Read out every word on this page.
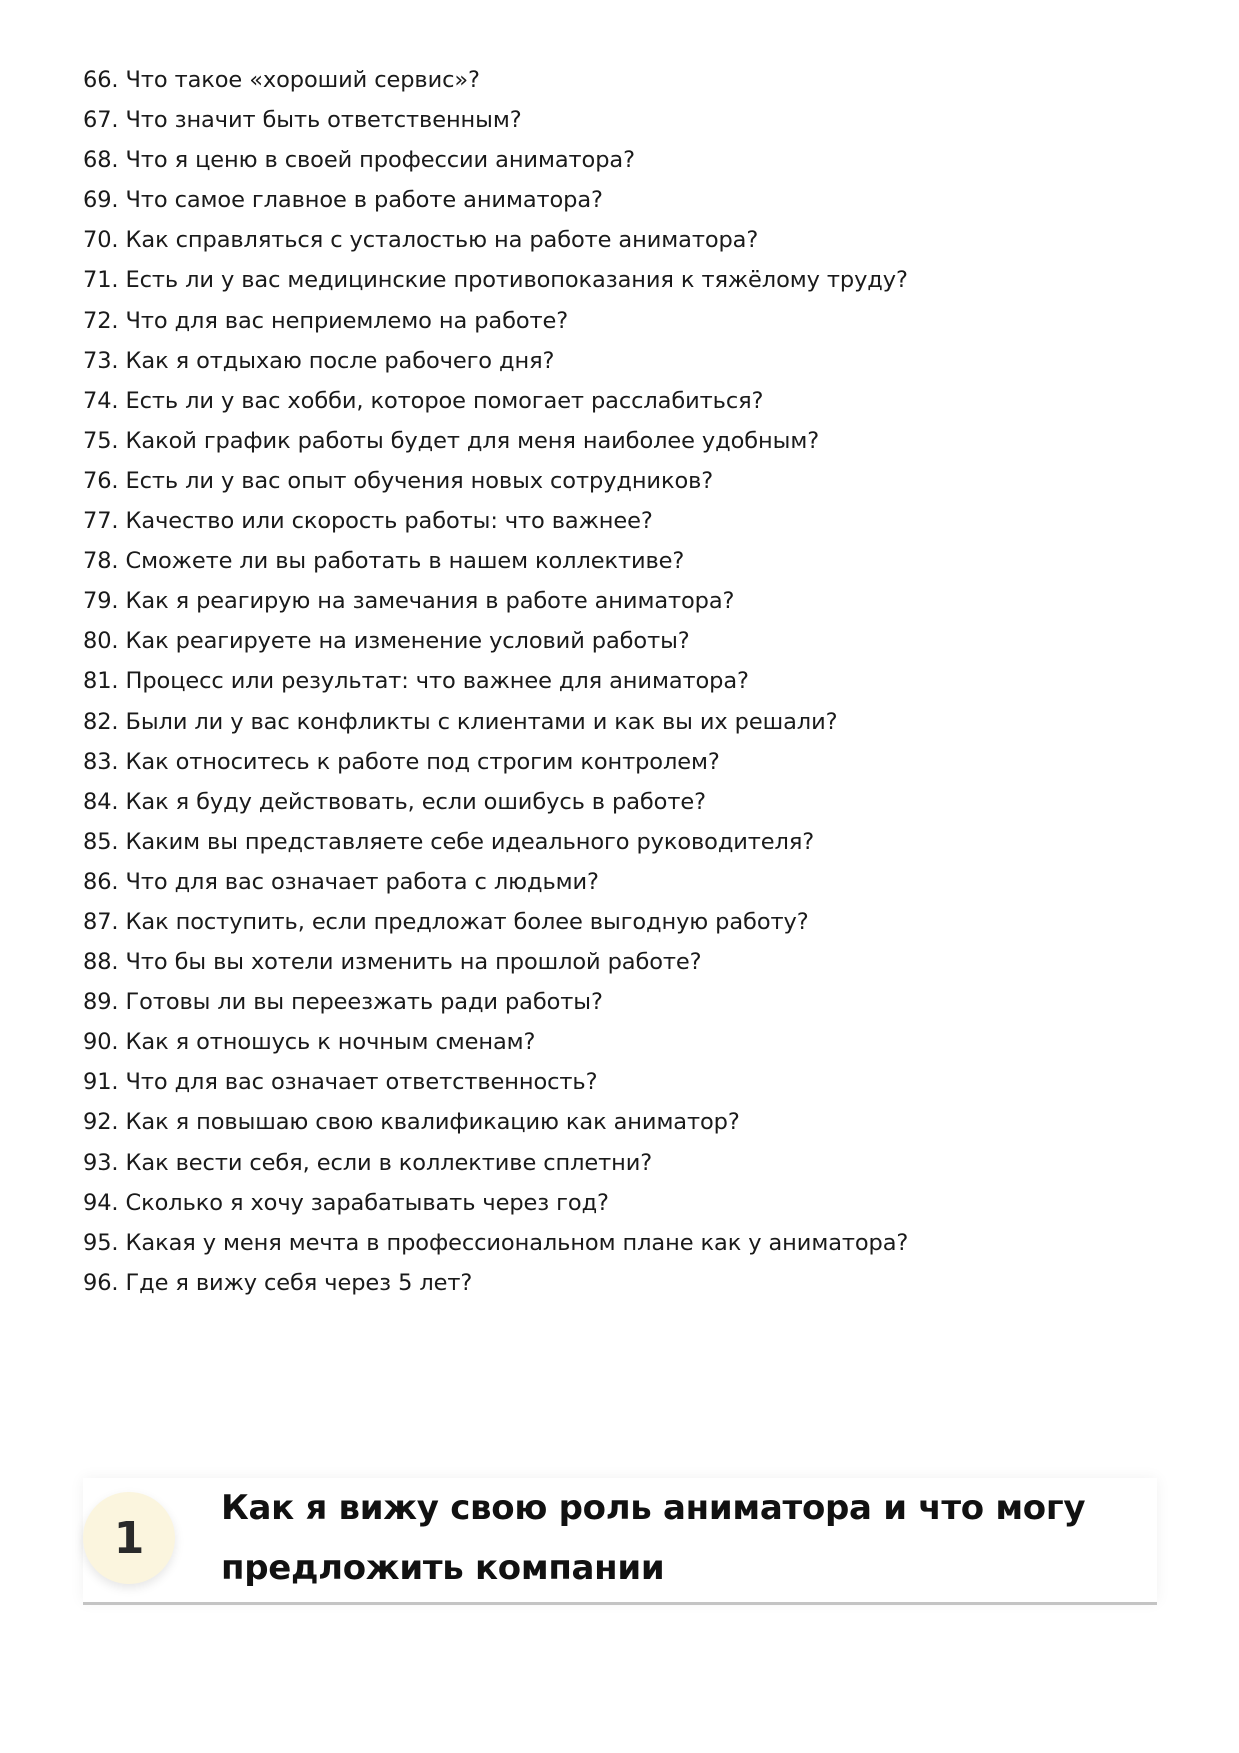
66. Что такое «хороший сервис»?
67. Что значит быть ответственным?
68. Что я ценю в своей профессии аниматора?
69. Что самое главное в работе аниматора?
70. Как справляться с усталостью на работе аниматора?
71. Есть ли у вас медицинские противопоказания к тяжёлому труду?
72. Что для вас неприемлемо на работе?
73. Как я отдыхаю после рабочего дня?
74. Есть ли у вас хобби, которое помогает расслабиться?
75. Какой график работы будет для меня наиболее удобным?
76. Есть ли у вас опыт обучения новых сотрудников?
77. Качество или скорость работы: что важнее?
78. Сможете ли вы работать в нашем коллективе?
79. Как я реагирую на замечания в работе аниматора?
80. Как реагируете на изменение условий работы?
81. Процесс или результат: что важнее для аниматора?
82. Были ли у вас конфликты с клиентами и как вы их решали?
83. Как относитесь к работе под строгим контролем?
84. Как я буду действовать, если ошибусь в работе?
85. Каким вы представляете себе идеального руководителя?
86. Что для вас означает работа с людьми?
87. Как поступить, если предложат более выгодную работу?
88. Что бы вы хотели изменить на прошлой работе?
89. Готовы ли вы переезжать ради работы?
90. Как я отношусь к ночным сменам?
91. Что для вас означает ответственность?
92. Как я повышаю свою квалификацию как аниматор?
93. Как вести себя, если в коллективе сплетни?
94. Сколько я хочу зарабатывать через год?
95. Какая у меня мечта в профессиональном плане как у аниматора?
96. Где я вижу себя через 5 лет?
1
Как я вижу свою роль аниматора и что могу
предложить компании
